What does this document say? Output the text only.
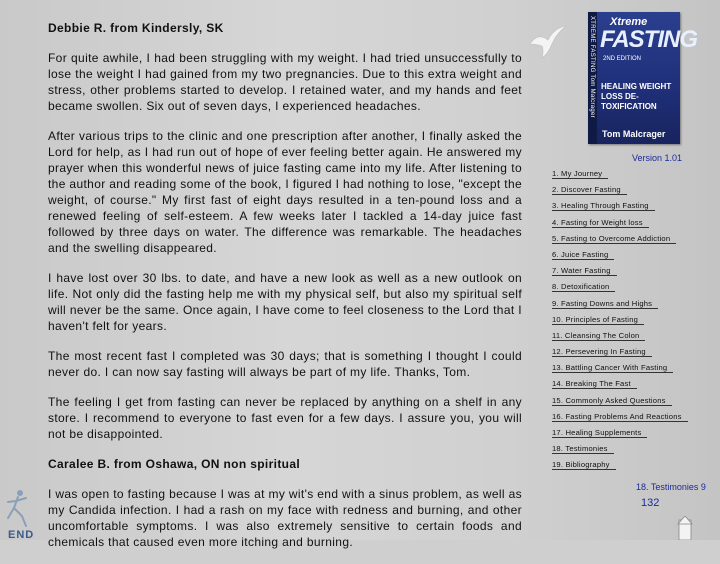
Debbie R. from Kindersly, SK

For quite awhile, I had been struggling with my weight. I had tried unsuccessfully to lose the weight I had gained from my two pregnancies. Due to this extra weight and stress, other problems started to develop. I retained water, and my hands and feet became swollen. Six out of seven days, I experienced headaches.

After various trips to the clinic and one prescription after another, I finally asked the Lord for help, as I had run out of hope of ever feeling better again. He answered my prayer when this wonderful news of juice fasting came into my life. After listening to the author and reading some of the book, I figured I had nothing to lose, "except the weight, of course." My first fast of eight days resulted in a ten-pound loss and a renewed feeling of self-esteem. A few weeks later I tackled a 14-day juice fast followed by three days on water. The difference was remarkable. The headaches and the swelling disappeared.

I have lost over 30 lbs. to date, and have a new look as well as a new outlook on life. Not only did the fasting help me with my physical self, but also my spiritual self will never be the same. Once again, I have come to feel closeness to the Lord that I haven't felt for years.

The most recent fast I completed was 30 days; that is something I thought I could never do. I can now say fasting will always be part of my life. Thanks, Tom.

The feeling I get from fasting can never be replaced by anything on a shelf in any store. I recommend to everyone to fast even for a few days. I assure you, you will not be disappointed.

Caralee B. from Oshawa, ON non spiritual

I was open to fasting because I was at my wit's end with a sinus problem, as well as my Candida infection. I had a rash on my face with redness and burning, and other uncomfortable symptoms. I was also extremely sensitive to certain foods and chemicals that caused even more itching and burning.

XTREME FASTING Tom Malcrager Xtreme
FASTING
2ND EDITION
HEALING WEIGHT LOSS DE-TOXIFICATION
Tom Malcrager
Version 1.01
1. My Journey
2. Discover Fasting
3. Healing Through Fasting
4. Fasting for Weight loss
5. Fasting to Overcome Addiction
6. Juice Fasting
7. Water Fasting
8. Detoxification
9. Fasting Downs and Highs
10. Principles of Fasting
11. Cleansing The Colon
12. Persevering In Fasting
13. Battling Cancer With Fasting
14. Breaking The Fast
15. Commonly Asked Questions
16. Fasting Problems And Reactions
17. Healing Supplements
18. Testimonies
19. Bibliography
18. Testimonies 9
132
END
